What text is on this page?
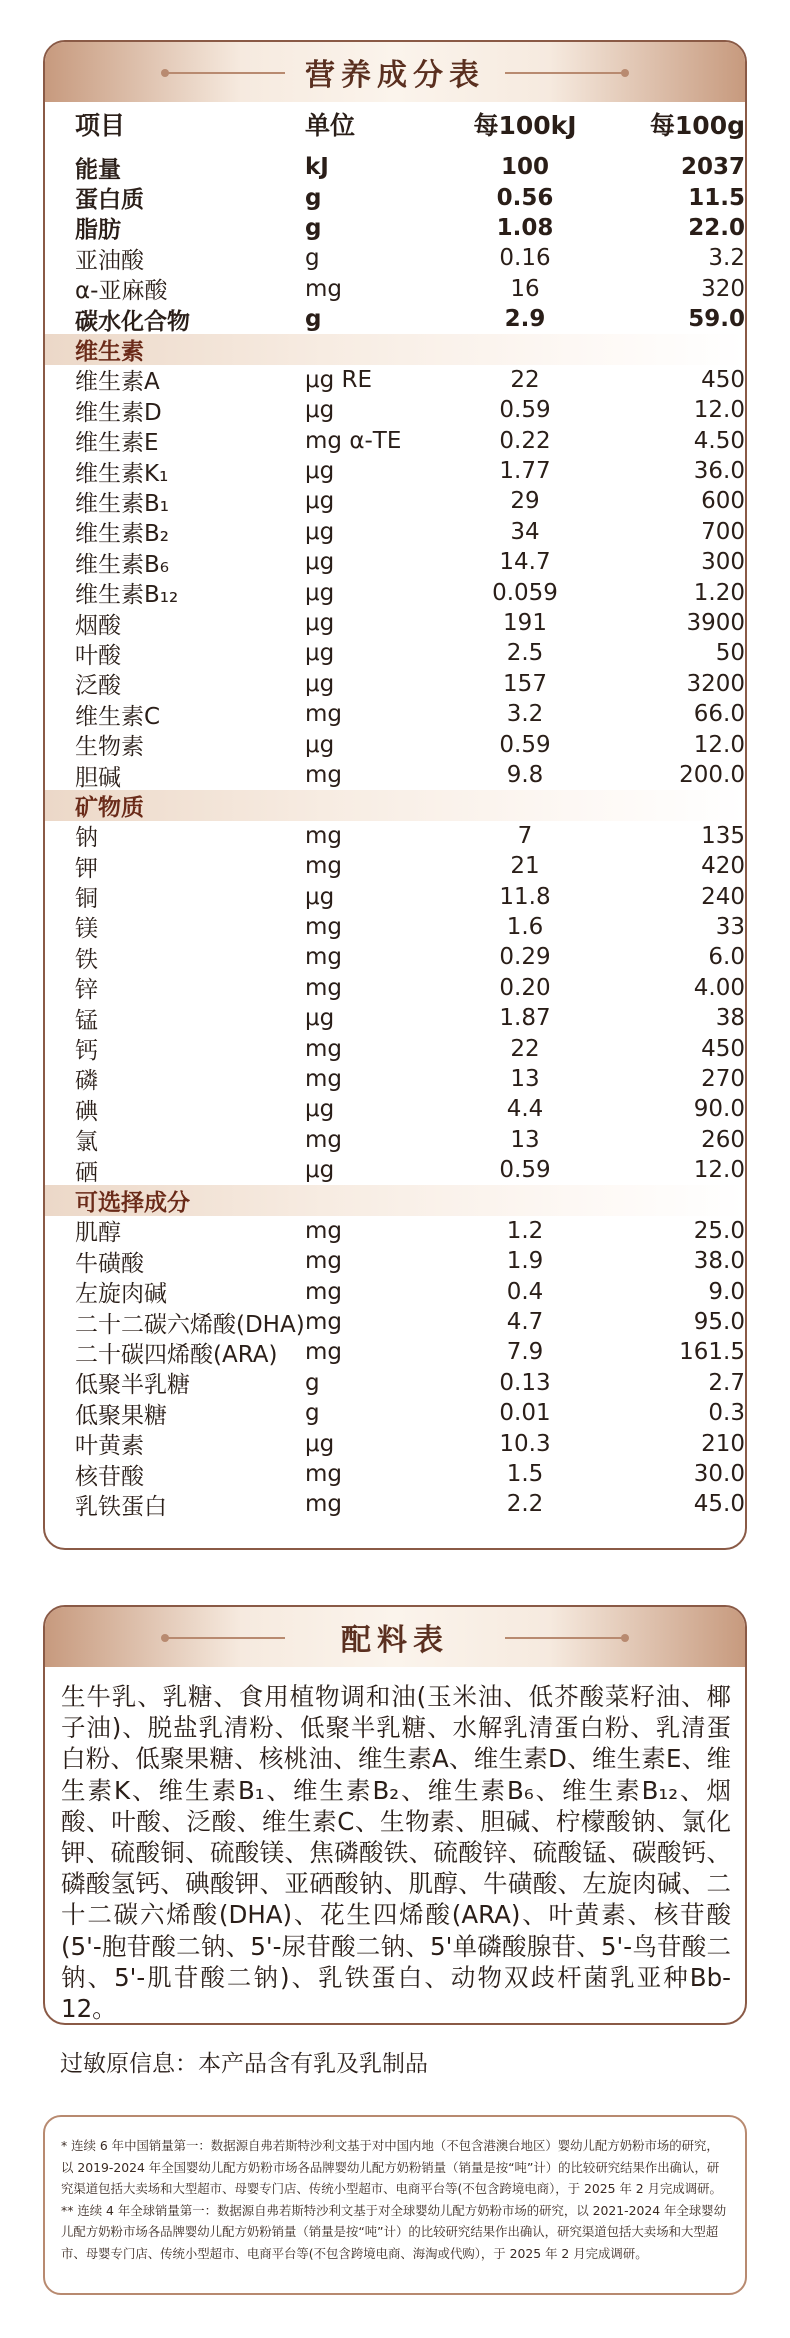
营养成分表
项目	单位	每100kJ	每100g
能量	kJ	100	2037
蛋白质	g	0.56	11.5
脂肪	g	1.08	22.0
亚油酸	g	0.16	3.2
α-亚麻酸	mg	16	320
碳水化合物	g	2.9	59.0
维生素
维生素A	μg RE	22	450
维生素D	μg	0.59	12.0
维生素E	mg α-TE	0.22	4.50
维生素K₁	μg	1.77	36.0
维生素B₁	μg	29	600
维生素B₂	μg	34	700
维生素B₆	μg	14.7	300
维生素B₁₂	μg	0.059	1.20
烟酸	μg	191	3900
叶酸	μg	2.5	50
泛酸	μg	157	3200
维生素C	mg	3.2	66.0
生物素	μg	0.59	12.0
胆碱	mg	9.8	200.0
矿物质
钠	mg	7	135
钾	mg	21	420
铜	μg	11.8	240
镁	mg	1.6	33
铁	mg	0.29	6.0
锌	mg	0.20	4.00
锰	μg	1.87	38
钙	mg	22	450
磷	mg	13	270
碘	μg	4.4	90.0
氯	mg	13	260
硒	μg	0.59	12.0
可选择成分
肌醇	mg	1.2	25.0
牛磺酸	mg	1.9	38.0
左旋肉碱	mg	0.4	9.0
二十二碳六烯酸(DHA) mg	4.7	95.0
二十碳四烯酸(ARA)	mg	7.9	161.5
低聚半乳糖	g	0.13	2.7
低聚果糖	g	0.01	0.3
叶黄素	μg	10.3	210
核苷酸	mg	1.5	30.0
乳铁蛋白	mg	2.2	45.0
配料表
生牛乳、乳糖、食用植物调和油(玉米油、低芥酸菜籽油、椰子油)、脱盐乳清粉、低聚半乳糖、水解乳清蛋白粉、乳清蛋白粉、低聚果糖、核桃油、维生素A、维生素D、维生素E、维生素K、维生素B₁、维生素B₂、维生素B₆、维生素B₁₂、烟酸、叶酸、泛酸、维生素C、生物素、胆碱、柠檬酸钠、氯化钾、硫酸铜、硫酸镁、焦磷酸铁、硫酸锌、硫酸锰、碳酸钙、磷酸氢钙、碘酸钾、亚硒酸钠、肌醇、牛磺酸、左旋肉碱、二十二碳六烯酸(DHA)、花生四烯酸(ARA)、叶黄素、核苷酸(5'-胞苷酸二钠、5'-尿苷酸二钠、5'单磷酸腺苷、5'-鸟苷酸二钠、5'-肌苷酸二钠)、乳铁蛋白、动物双歧杆菌乳亚种Bb-12。
过敏原信息：本产品含有乳及乳制品
* 连续 6 年中国销量第一：数据源自弗若斯特沙利文基于对中国内地（不包含港澳台地区）婴幼儿配方奶粉市场的研究，以 2019-2024 年全国婴幼儿配方奶粉市场各品牌婴幼儿配方奶粉销量（销量是按“吨”计）的比较研究结果作出确认，研究渠道包括大卖场和大型超市、母婴专门店、传统小型超市、电商平台等(不包含跨境电商），于 2025 年 2 月完成调研。** 连续 4 年全球销量第一：数据源自弗若斯特沙利文基于对全球婴幼儿配方奶粉市场的研究，以 2021-2024 年全球婴幼儿配方奶粉市场各品牌婴幼儿配方奶粉销量（销量是按“吨”计）的比较研究结果作出确认，研究渠道包括大卖场和大型超市、母婴专门店、传统小型超市、电商平台等(不包含跨境电商、海淘或代购），于 2025 年 2 月完成调研。
